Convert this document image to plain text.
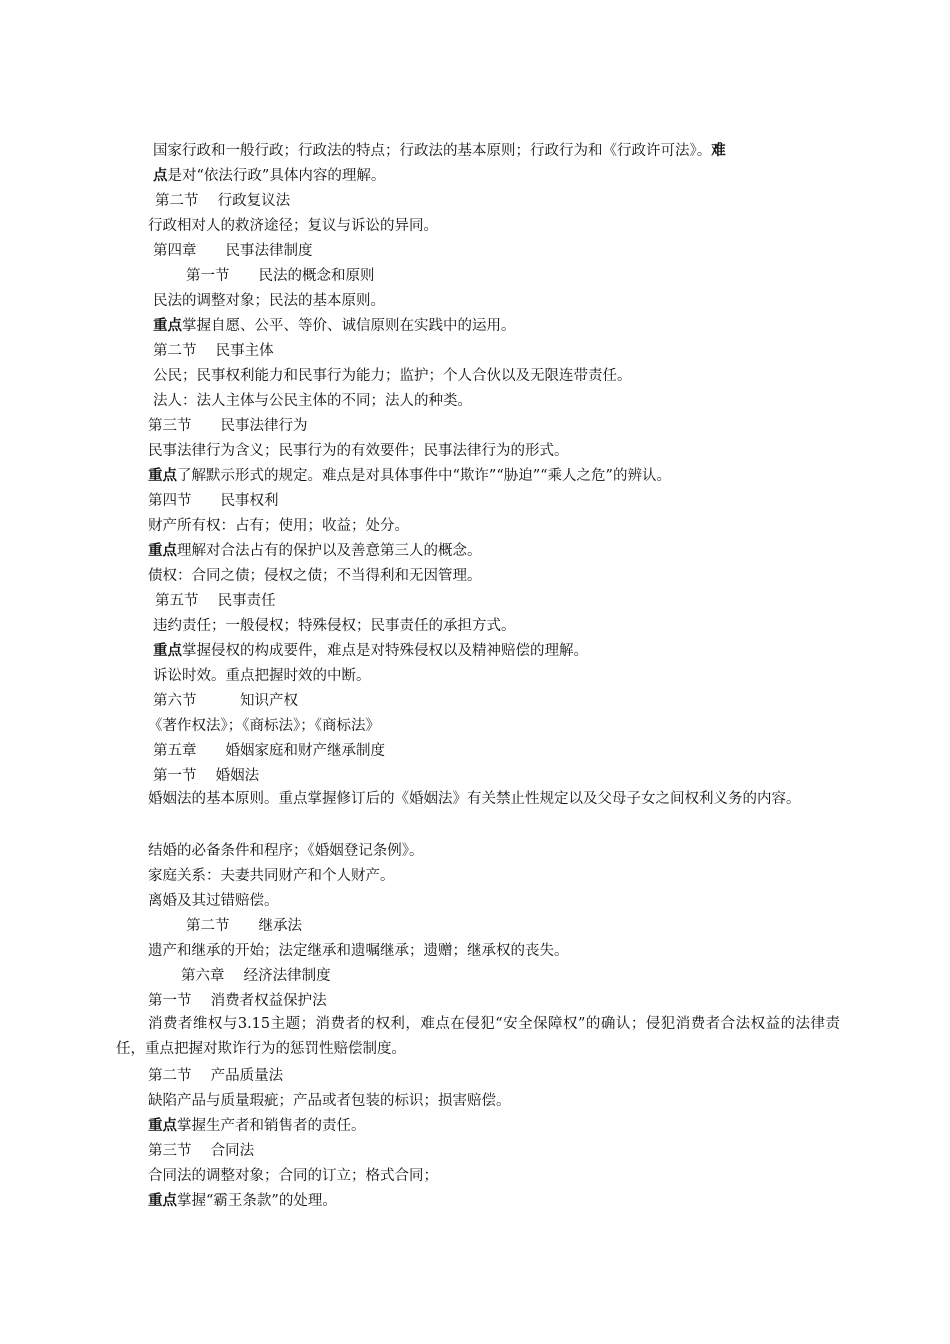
国家行政和一般行政；行政法的特点；行政法的基本原则；行政行为和《行政许可法》。难
点是对“依法行政”具体内容的理解。
第二节　 行政复议法
行政相对人的救济途径；复议与诉讼的异同。
第四章　　民事法律制度
第一节　　民法的概念和原则
民法的调整对象；民法的基本原则。
重点掌握自愿、公平、等价、诚信原则在实践中的运用。
第二节　 民事主体
公民；民事权利能力和民事行为能力；监护；个人合伙以及无限连带责任。
法人：法人主体与公民主体的不同；法人的种类。
第三节　　民事法律行为
民事法律行为含义；民事行为的有效要件；民事法律行为的形式。
重点了解默示形式的规定。难点是对具体事件中“欺诈”“胁迫”“乘人之危”的辨认。
第四节　　民事权利
财产所有权：占有；使用；收益；处分。
重点理解对合法占有的保护以及善意第三人的概念。
债权：合同之债；侵权之债；不当得利和无因管理。
第五节　 民事责任
违约责任；一般侵权；特殊侵权；民事责任的承担方式。
重点掌握侵权的构成要件，难点是对特殊侵权以及精神赔偿的理解。
诉讼时效。重点把握时效的中断。
第六节　　　知识产权
《著作权法》；《商标法》；《商标法》
第五章　　婚姻家庭和财产继承制度
第一节　 婚姻法
婚姻法的基本原则。重点掌握修订后的《婚姻法》有关禁止性规定以及父母子女之间权利义务的内容。
结婚的必备条件和程序；《婚姻登记条例》。
家庭关系：夫妻共同财产和个人财产。
离婚及其过错赔偿。
第二节　　继承法
遗产和继承的开始；法定继承和遗嘱继承；遗赠；继承权的丧失。
第六章　 经济法律制度
第一节　 消费者权益保护法
消费者维权与3.15主题；消费者的权利，难点在侵犯“安全保障权”的确认；侵犯消费者合法权益的法律责任，重点把握对欺诈行为的惩罚性赔偿制度。
第二节　 产品质量法
缺陷产品与质量瑕疵；产品或者包装的标识；损害赔偿。
重点掌握生产者和销售者的责任。
第三节　 合同法
合同法的调整对象；合同的订立；格式合同；
重点掌握“霸王条款”的处理。
